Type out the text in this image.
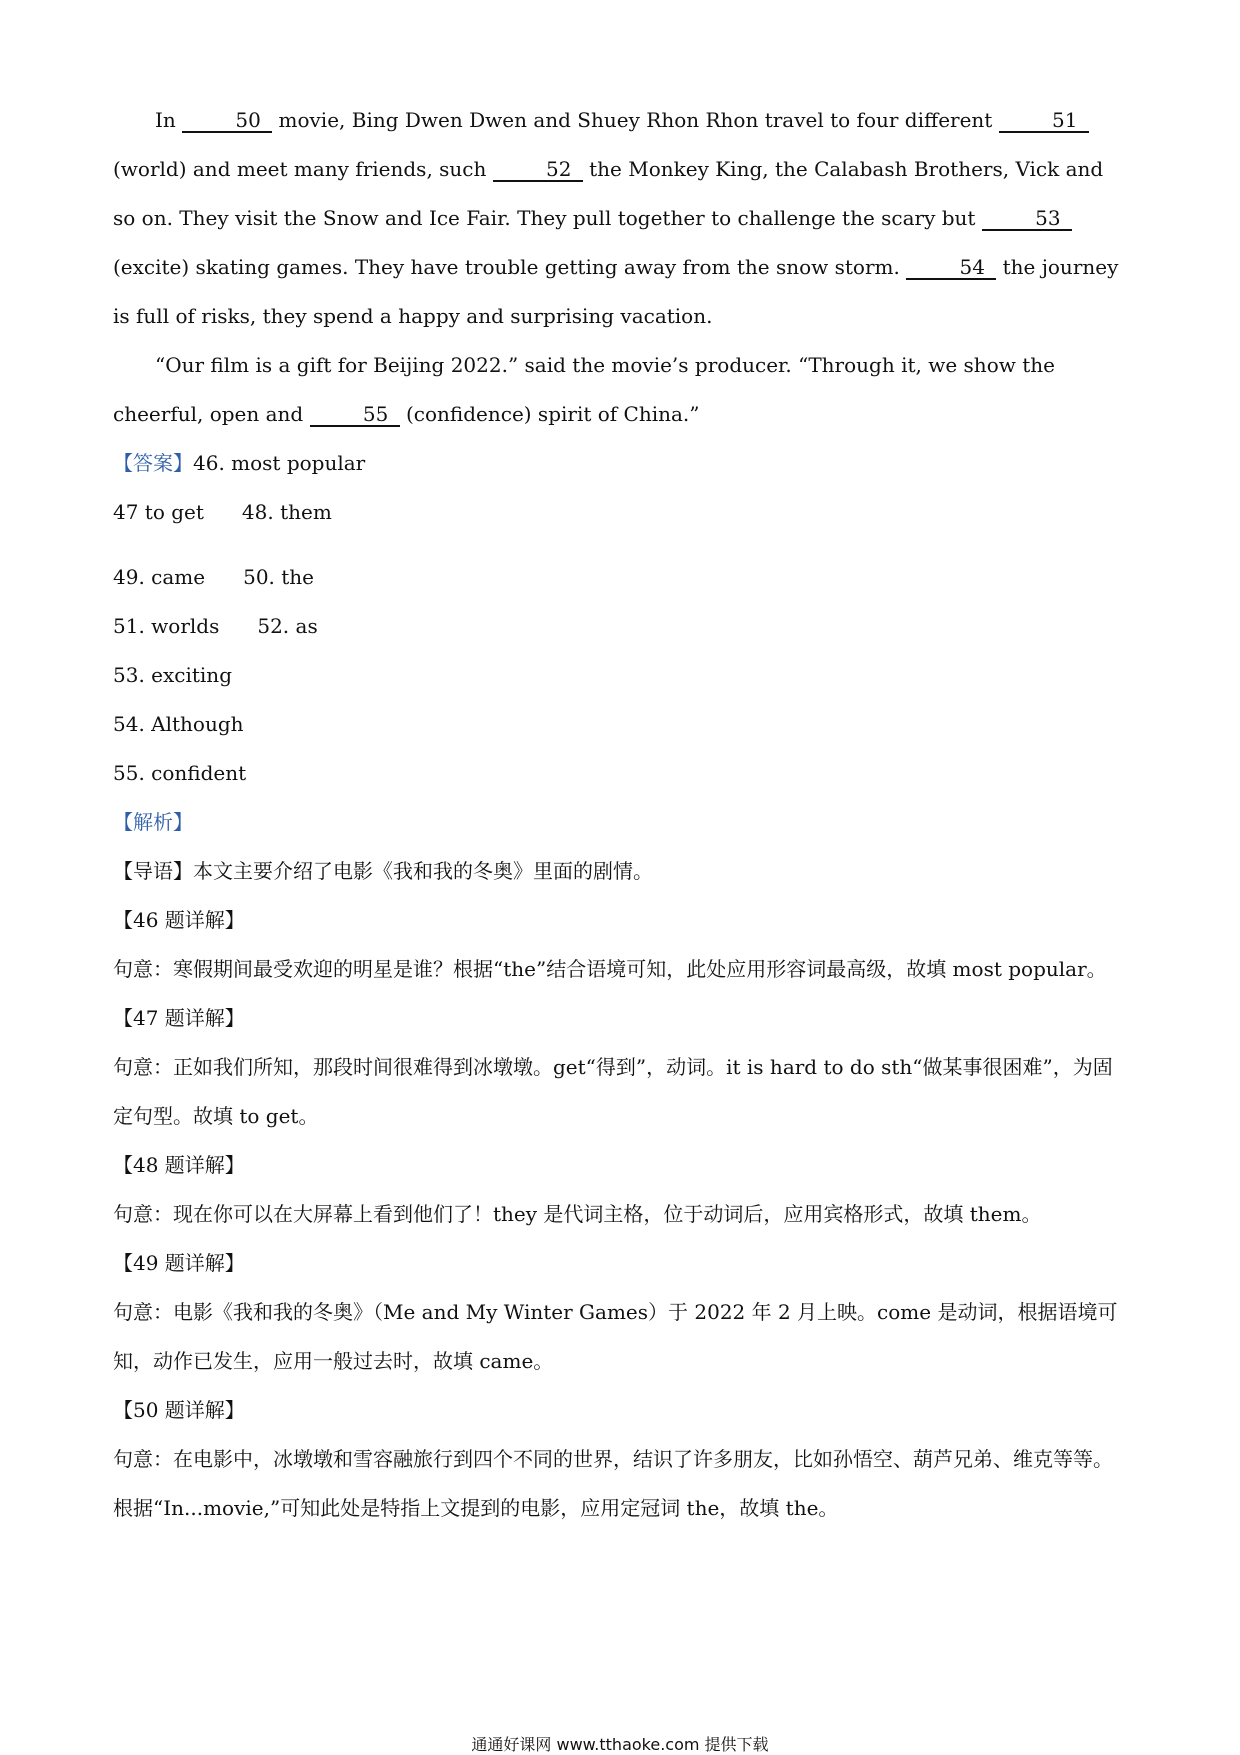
In	50 movie, Bing Dwen Dwen and Shuey Rhon Rhon travel to four different	51 (world) and meet many friends, such	52 the Monkey King, the Calabash Brothers, Vick and so on. They visit the Snow and Ice Fair. They pull together to challenge the scary but	53 (excite) skating games. They have trouble getting away from the snow storm.	54 the journey is full of risks, they spend a happy and surprising vacation.

“Our film is a gift for Beijing 2022.” said the movie’s producer. “Through it, we show the cheerful, open and	55 (confidence) spirit of China.”

【答案】46. most popular

47 to get 48. them

49. came 50. the

51. worlds 52. as

53. exciting

54. Although

55. confident

【解析】

【导语】本文主要介绍了电影《我和我的冬奥》里面的剧情。

【46 题详解】

句意：寒假期间最受欢迎的明星是谁？根据“the”结合语境可知，此处应用形容词最高级，故填 most popular。

【47 题详解】

句意：正如我们所知，那段时间很难得到冰墩墩。get“得到”，动词。it is hard to do sth“做某事很困难”，为固定句型。故填 to get。

【48 题详解】

句意：现在你可以在大屏幕上看到他们了！they 是代词主格，位于动词后，应用宾格形式，故填 them。

【49 题详解】

句意：电影《我和我的冬奥》（Me and My Winter Games）于 2022 年 2 月上映。come 是动词，根据语境可知，动作已发生，应用一般过去时，故填 came。

【50 题详解】

句意：在电影中，冰墩墩和雪容融旅行到四个不同的世界，结识了许多朋友，比如孙悟空、葫芦兄弟、维克等等。根据“In...movie,”可知此处是特指上文提到的电影，应用定冠词 the，故填 the。

通通好课网 www.tthaoke.com 提供下载
